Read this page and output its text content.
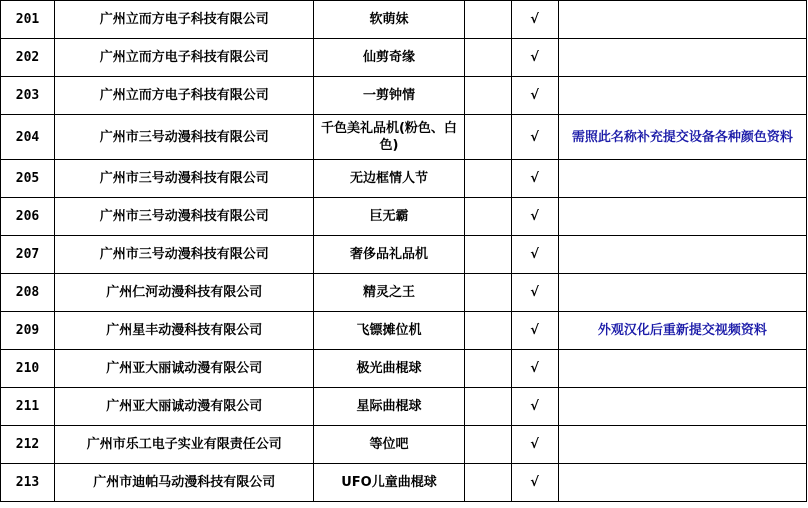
201	广州立而方电子科技有限公司	软萌妹		√	
202	广州立而方电子科技有限公司	仙剪奇缘		√	
203	广州立而方电子科技有限公司	一剪钟情		√	
204	广州市三号动漫科技有限公司	千色美礼品机(粉色、白色)		√	需照此名称补充提交设备各种颜色资料
205	广州市三号动漫科技有限公司	无边框情人节		√	
206	广州市三号动漫科技有限公司	巨无霸		√	
207	广州市三号动漫科技有限公司	奢侈品礼品机		√	
208	广州仁河动漫科技有限公司	精灵之王		√	
209	广州星丰动漫科技有限公司	飞镖摊位机		√	外观汉化后重新提交视频资料
210	广州亚大丽诚动漫有限公司	极光曲棍球		√	
211	广州亚大丽诚动漫有限公司	星际曲棍球		√	
212	广州市乐工电子实业有限责任公司	等位吧		√	
213	广州市迪帕马动漫科技有限公司	UFO儿童曲棍球		√	
